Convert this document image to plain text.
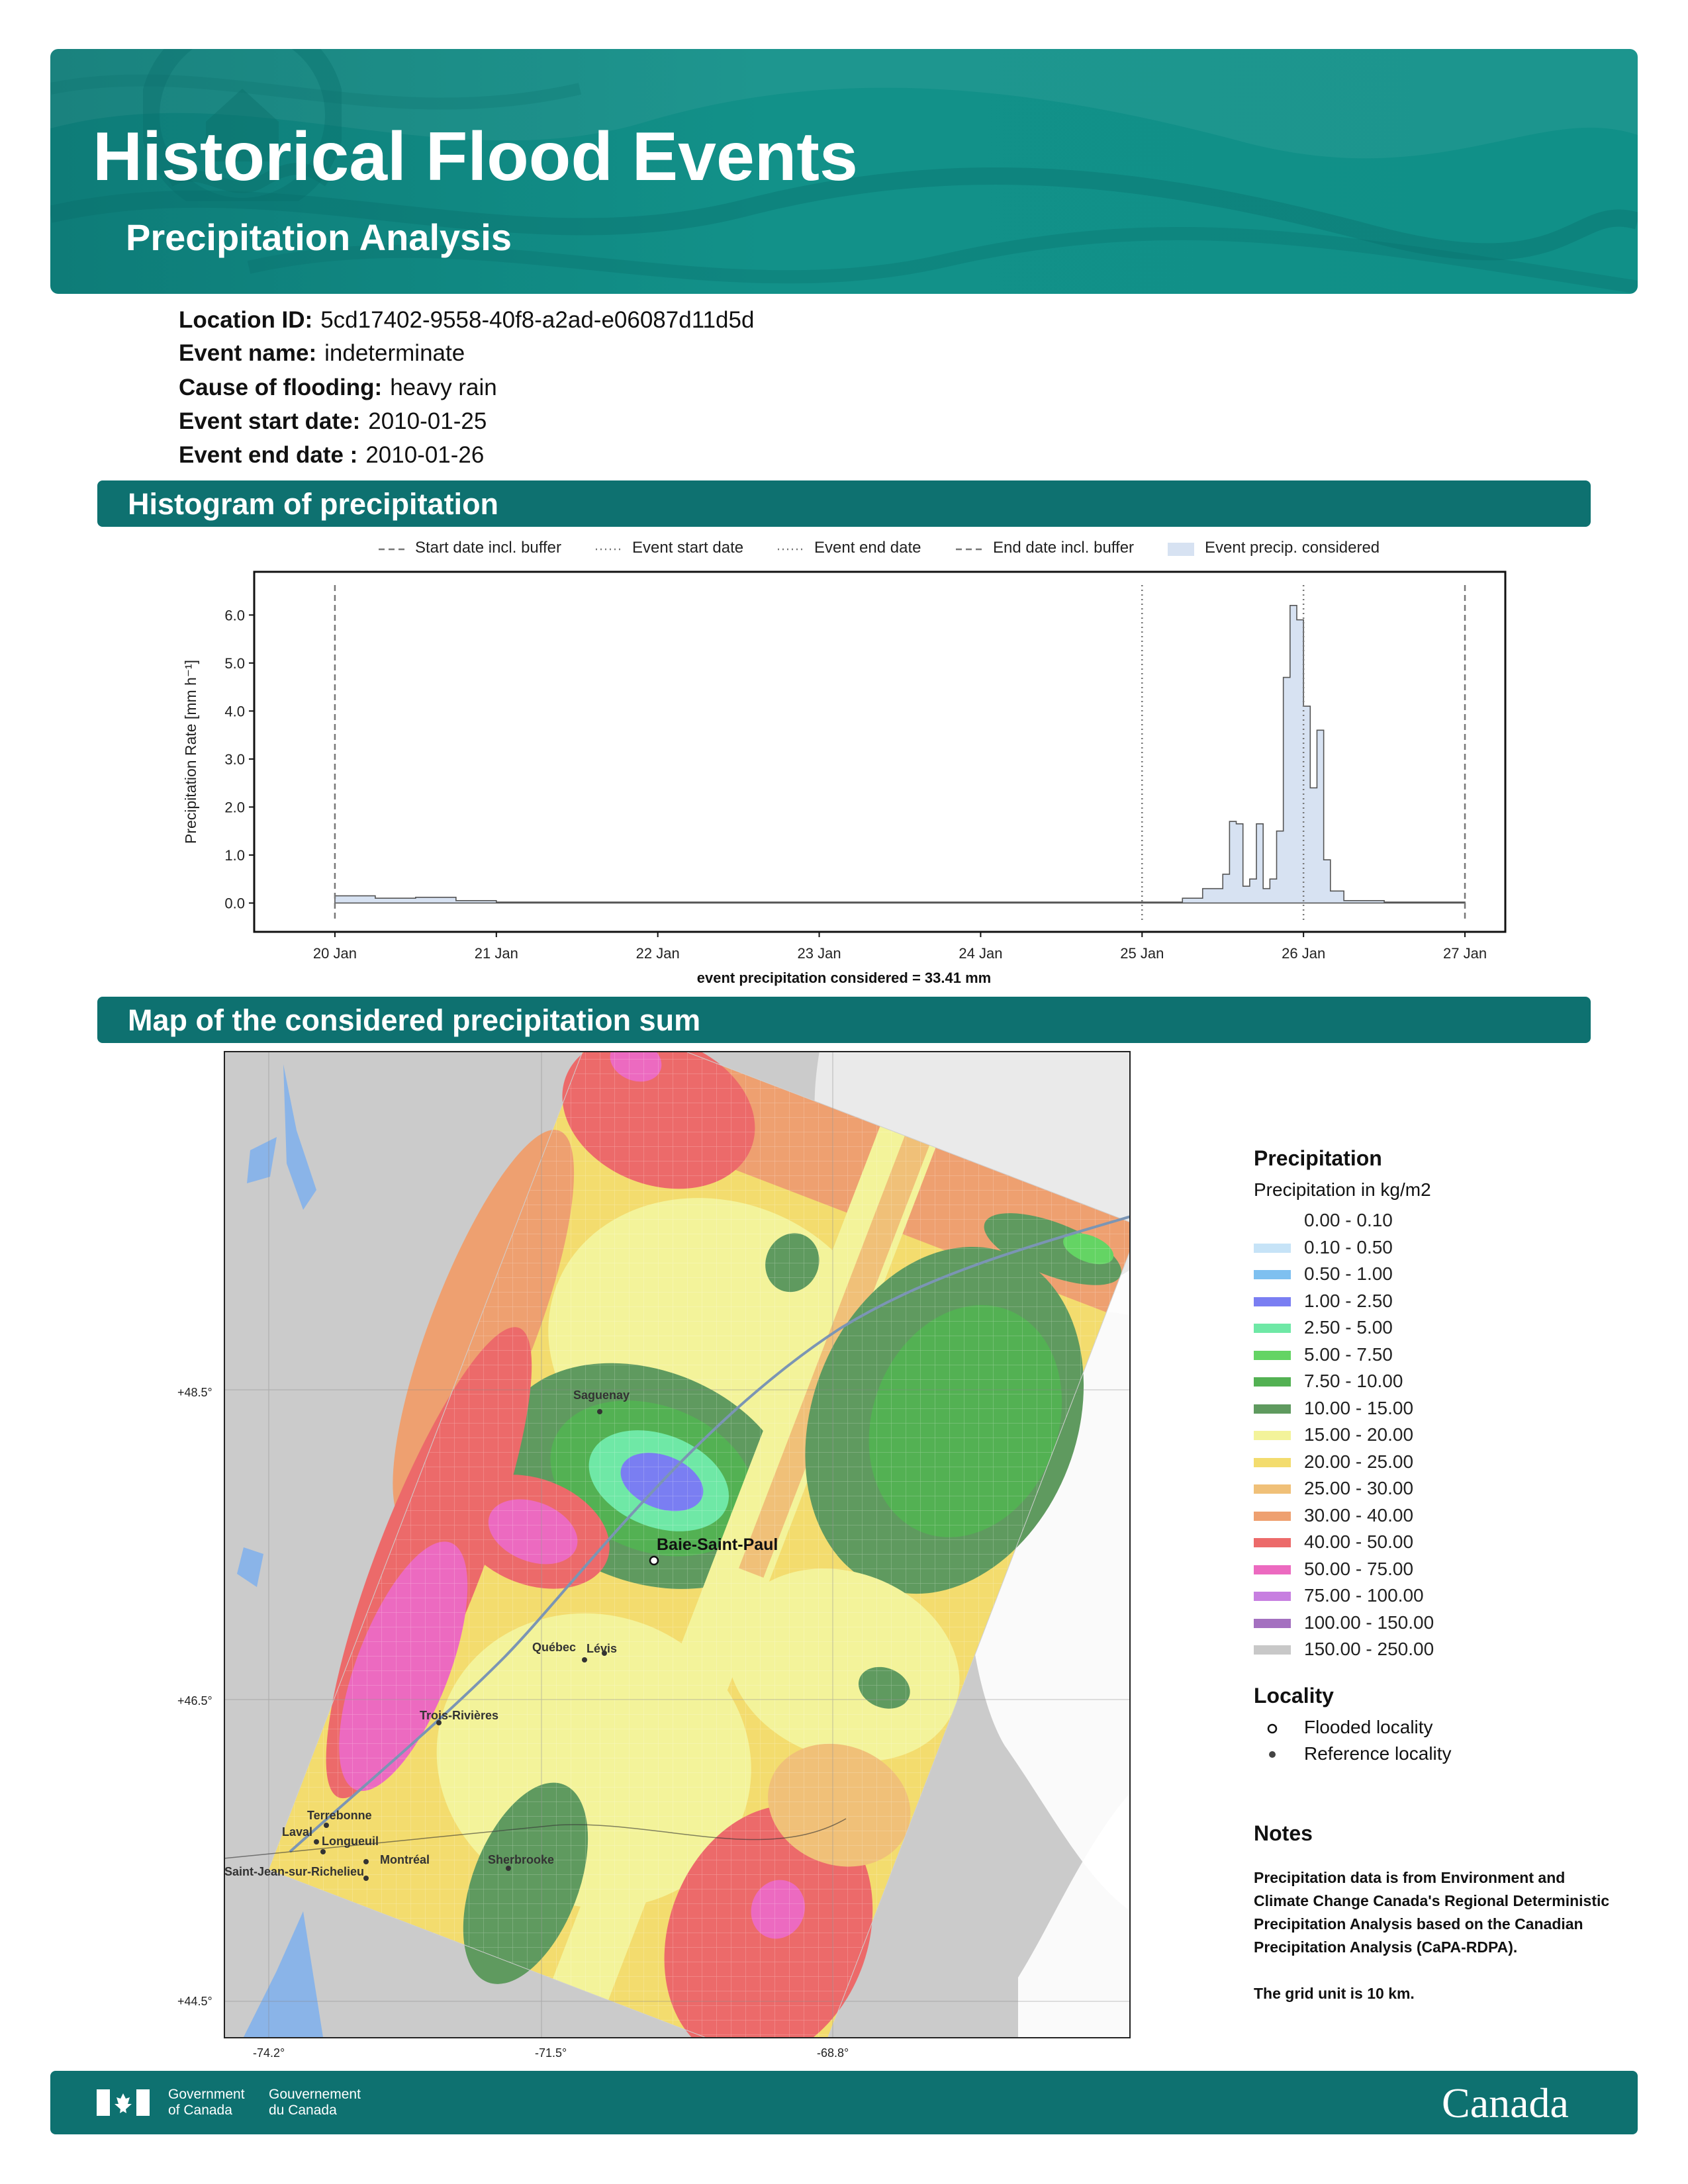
Historical Flood Events
Precipitation Analysis
Location ID: 5cd17402-9558-40f8-a2ad-e06087d11d5d
Event name: indeterminate
Cause of flooding: heavy rain
Event start date: 2010-01-25
Event end date : 2010-01-26
Histogram of precipitation
Start date incl. buffer	Event start date	Event end date	End date incl. buffer	Event precip. considered
0.0
1.0
2.0
3.0
4.0
5.0
6.0
20 Jan	21 Jan	22 Jan	23 Jan	24 Jan	25 Jan	26 Jan	27 Jan
Precipitation Rate [mm h⁻¹]
event precipitation considered = 33.41 mm
Map of the considered precipitation sum
Saguenay
Baie-Saint-Paul
Québec Lévis
Trois-Rivières
Terrebonne
Laval
Longueuil
Montréal	Sherbrooke
Saint-Jean-sur-Richelieu
+48.5°
+46.5°
+44.5°
-74.2°	-71.5°	-68.8°
Precipitation
Precipitation in kg/m2
0.00 - 0.10
0.10 - 0.50
0.50 - 1.00
1.00 - 2.50
2.50 - 5.00
5.00 - 7.50
7.50 - 10.00
10.00 - 15.00
15.00 - 20.00
20.00 - 25.00
25.00 - 30.00
30.00 - 40.00
40.00 - 50.00
50.00 - 75.00
75.00 - 100.00
100.00 - 150.00
150.00 - 250.00
Locality
Flooded locality
Reference locality
Notes
Precipitation data is from Environment and Climate Change Canada's Regional Deterministic Precipitation Analysis based on the Canadian Precipitation Analysis (CaPA-RDPA).
The grid unit is 10 km.
Government
of Canada
Gouvernement
du Canada	Canada
